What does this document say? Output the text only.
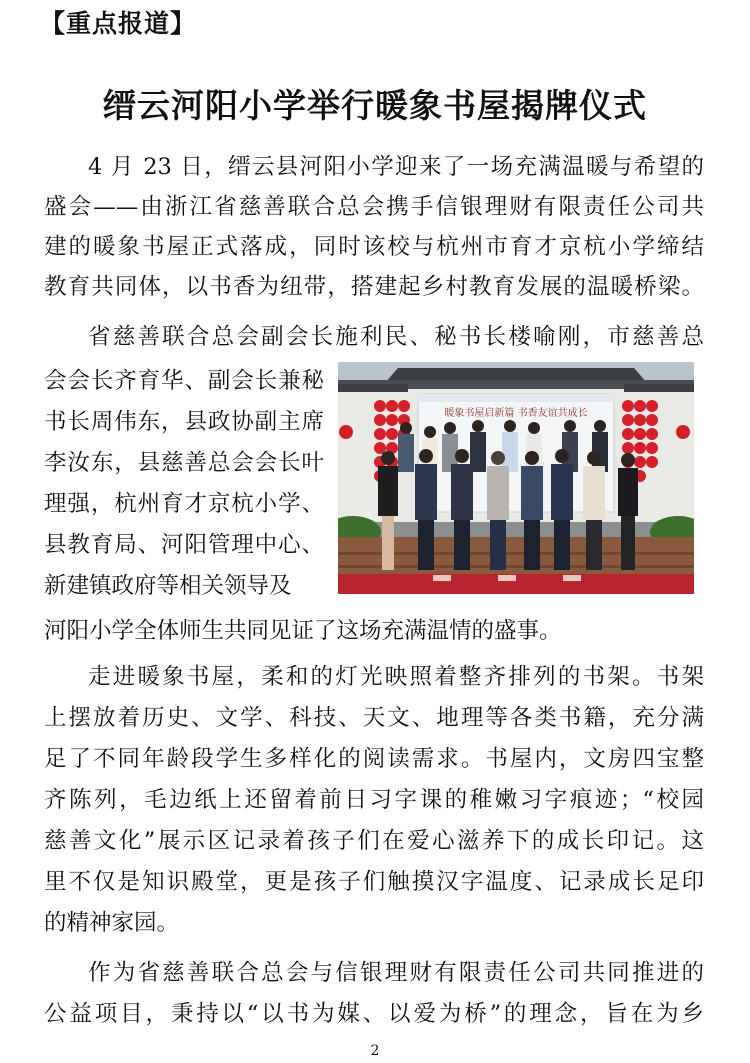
【重点报道】
缙云河阳小学举行暖象书屋揭牌仪式
4 月 23 日，缙云县河阳小学迎来了一场充满温暖与希望的
盛会——由浙江省慈善联合总会携手信银理财有限责任公司共
建的暖象书屋正式落成，同时该校与杭州市育才京杭小学缔结
教育共同体，以书香为纽带，搭建起乡村教育发展的温暖桥梁。
省慈善联合总会副会长施利民、秘书长楼喻刚，市慈善总
会会长齐育华、副会长兼秘
书长周伟东，县政协副主席
李汝东，县慈善总会会长叶
理强，杭州育才京杭小学、
县教育局、河阳管理中心、
新建镇政府等相关领导及
河阳小学全体师生共同见证了这场充满温情的盛事。
走进暖象书屋，柔和的灯光映照着整齐排列的书架。书架
上摆放着历史、文学、科技、天文、地理等各类书籍，充分满
足了不同年龄段学生多样化的阅读需求。书屋内，文房四宝整
齐陈列，毛边纸上还留着前日习字课的稚嫩习字痕迹；“校园
慈善文化”展示区记录着孩子们在爱心滋养下的成长印记。这
里不仅是知识殿堂，更是孩子们触摸汉字温度、记录成长足印
的精神家园。
作为省慈善联合总会与信银理财有限责任公司共同推进的
公益项目，秉持以“以书为媒、以爱为桥”的理念，旨在为乡
暖象书屋启新篇 书香友谊共成长
2
